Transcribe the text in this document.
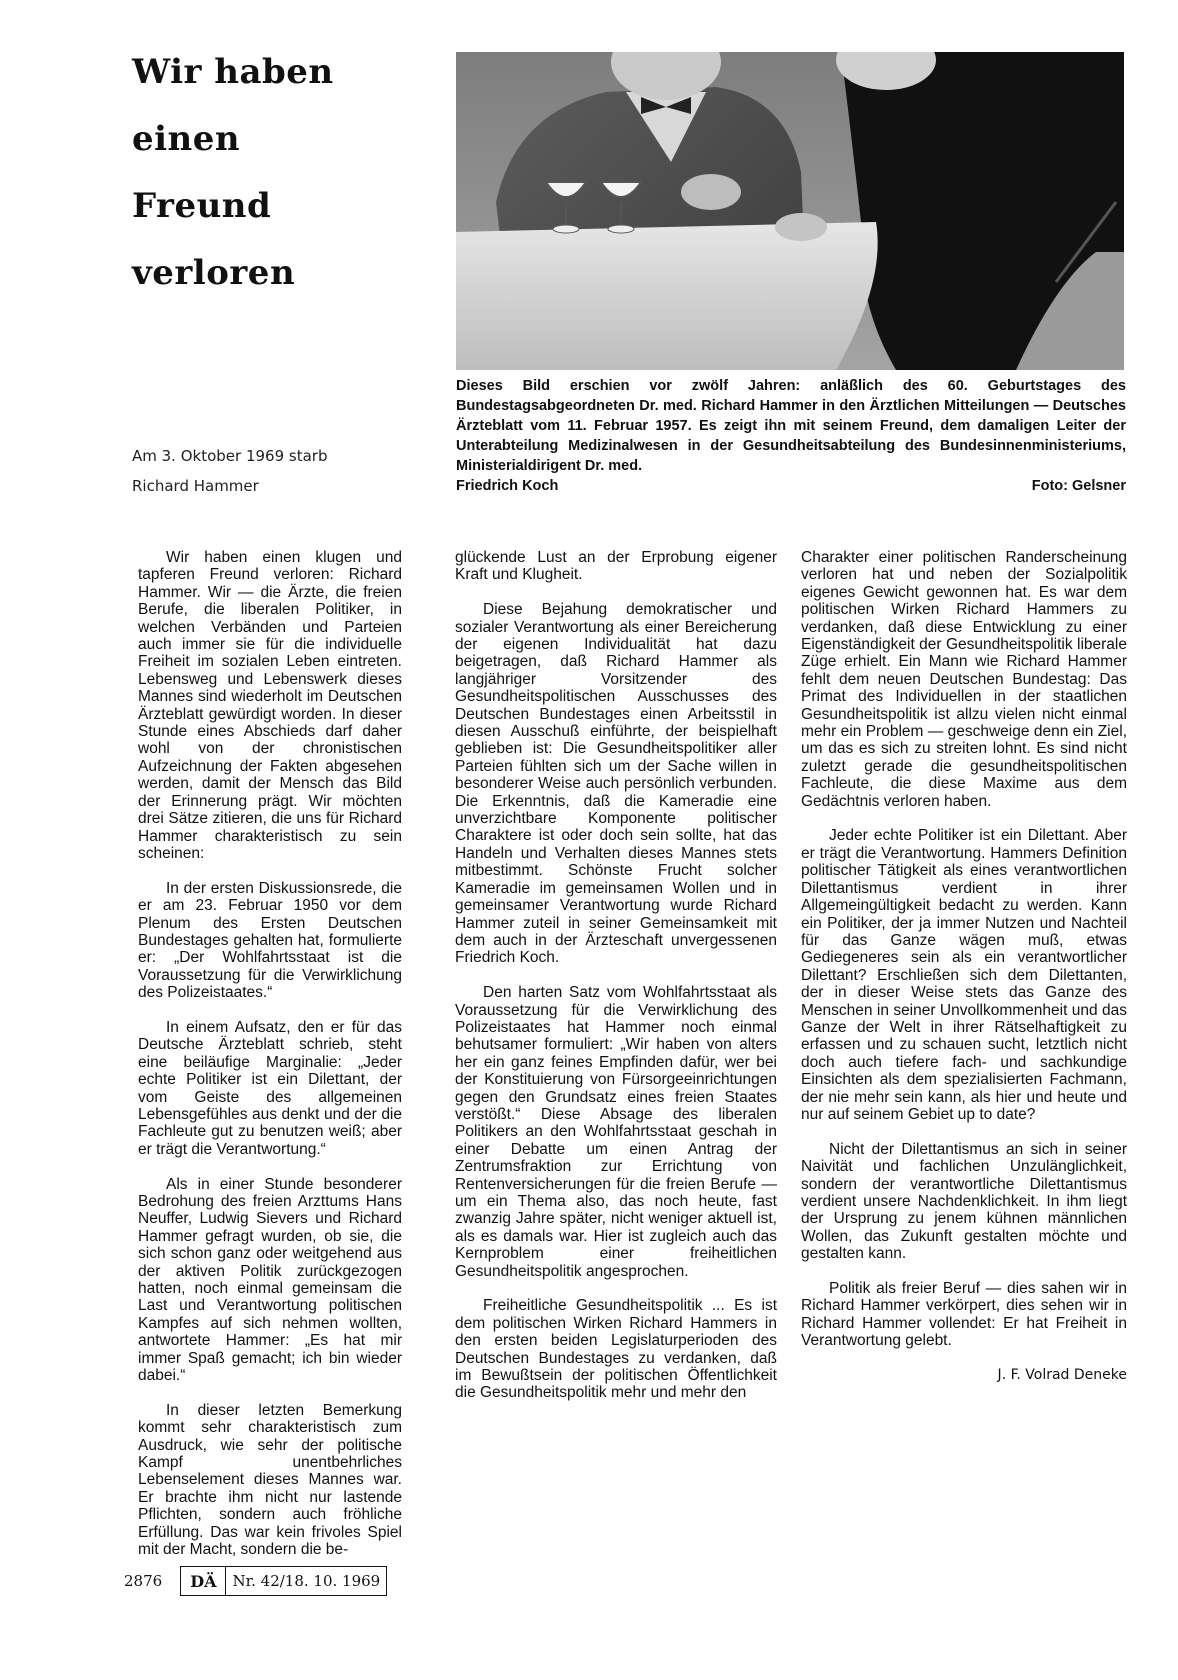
Wir haben
einen
Freund
verloren
Dieses Bild erschien vor zwölf Jahren: anläßlich des 60. Geburtstages des Bundestagsabgeordneten Dr. med. Richard Hammer in den Ärztlichen Mitteilungen — Deutsches Ärzteblatt vom 11. Februar 1957. Es zeigt ihn mit seinem Freund, dem damaligen Leiter der Unterabteilung Medizinalwesen in der Gesundheitsabteilung des Bundesinnenministeriums, Ministerialdirigent Dr. med.
Friedrich Koch	Foto: Gelsner
Am 3. Oktober 1969 starb
Richard Hammer

Wir haben einen klugen und tapferen Freund verloren: Richard Hammer. Wir — die Ärzte, die freien Berufe, die liberalen Politiker, in welchen Verbänden und Parteien auch immer sie für die individuelle Freiheit im sozialen Leben eintreten. Lebensweg und Lebenswerk dieses Mannes sind wiederholt im Deutschen Ärzteblatt gewürdigt worden. In dieser Stunde eines Abschieds darf daher wohl von der chronistischen Aufzeichnung der Fakten abgesehen werden, damit der Mensch das Bild der Erinnerung prägt. Wir möchten drei Sätze zitieren, die uns für Richard Hammer charakteristisch zu sein scheinen:

In der ersten Diskussionsrede, die er am 23. Februar 1950 vor dem Plenum des Ersten Deutschen Bundestages gehalten hat, formulierte er: „Der Wohlfahrtsstaat ist die Voraussetzung für die Verwirklichung des Polizeistaates.“

In einem Aufsatz, den er für das Deutsche Ärzteblatt schrieb, steht eine beiläufige Marginalie: „Jeder echte Politiker ist ein Dilettant, der vom Geiste des allgemeinen Lebensgefühles aus denkt und der die Fachleute gut zu benutzen weiß; aber er trägt die Verantwortung.“

Als in einer Stunde besonderer Bedrohung des freien Arzttums Hans Neuffer, Ludwig Sievers und Richard Hammer gefragt wurden, ob sie, die sich schon ganz oder weitgehend aus der aktiven Politik zurückgezogen hatten, noch einmal gemeinsam die Last und Verantwortung politischen Kampfes auf sich nehmen wollten, antwortete Hammer: „Es hat mir immer Spaß gemacht; ich bin wieder dabei.“

In dieser letzten Bemerkung kommt sehr charakteristisch zum Ausdruck, wie sehr der politische Kampf unentbehrliches Lebenselement dieses Mannes war. Er brachte ihm nicht nur lastende Pflichten, sondern auch fröhliche Erfüllung. Das war kein frivoles Spiel mit der Macht, sondern die be-

glückende Lust an der Erprobung eigener Kraft und Klugheit.

Diese Bejahung demokratischer und sozialer Verantwortung als einer Bereicherung der eigenen Individualität hat dazu beigetragen, daß Richard Hammer als langjähriger Vorsitzender des Gesundheitspolitischen Ausschusses des Deutschen Bundestages einen Arbeitsstil in diesen Ausschuß einführte, der beispielhaft geblieben ist: Die Gesundheitspolitiker aller Parteien fühlten sich um der Sache willen in besonderer Weise auch persönlich verbunden. Die Erkenntnis, daß die Kameradie eine unverzichtbare Komponente politischer Charaktere ist oder doch sein sollte, hat das Handeln und Verhalten dieses Mannes stets mitbestimmt. Schönste Frucht solcher Kameradie im gemeinsamen Wollen und in gemeinsamer Verantwortung wurde Richard Hammer zuteil in seiner Gemeinsamkeit mit dem auch in der Ärzteschaft unvergessenen Friedrich Koch.

Den harten Satz vom Wohlfahrtsstaat als Voraussetzung für die Verwirklichung des Polizeistaates hat Hammer noch einmal behutsamer formuliert: „Wir haben von alters her ein ganz feines Empfinden dafür, wer bei der Konstituierung von Fürsorgeeinrichtungen gegen den Grundsatz eines freien Staates verstößt.“ Diese Absage des liberalen Politikers an den Wohlfahrtsstaat geschah in einer Debatte um einen Antrag der Zentrumsfraktion zur Errichtung von Rentenversicherungen für die freien Berufe — um ein Thema also, das noch heute, fast zwanzig Jahre später, nicht weniger aktuell ist, als es damals war. Hier ist zugleich auch das Kernproblem einer freiheitlichen Gesundheitspolitik angesprochen.

Freiheitliche Gesundheitspolitik ... Es ist dem politischen Wirken Richard Hammers in den ersten beiden Legislaturperioden des Deutschen Bundestages zu verdanken, daß im Bewußtsein der politischen Öffentlichkeit die Gesundheitspolitik mehr und mehr den

Charakter einer politischen Randerscheinung verloren hat und neben der Sozialpolitik eigenes Gewicht gewonnen hat. Es war dem politischen Wirken Richard Hammers zu verdanken, daß diese Entwicklung zu einer Eigenständigkeit der Gesundheitspolitik liberale Züge erhielt. Ein Mann wie Richard Hammer fehlt dem neuen Deutschen Bundestag: Das Primat des Individuellen in der staatlichen Gesundheitspolitik ist allzu vielen nicht einmal mehr ein Problem — geschweige denn ein Ziel, um das es sich zu streiten lohnt. Es sind nicht zuletzt gerade die gesundheitspolitischen Fachleute, die diese Maxime aus dem Gedächtnis verloren haben.

Jeder echte Politiker ist ein Dilettant. Aber er trägt die Verantwortung. Hammers Definition politischer Tätigkeit als eines verantwortlichen Dilettantismus verdient in ihrer Allgemeingültigkeit bedacht zu werden. Kann ein Politiker, der ja immer Nutzen und Nachteil für das Ganze wägen muß, etwas Gediegeneres sein als ein verantwortlicher Dilettant? Erschließen sich dem Dilettanten, der in dieser Weise stets das Ganze des Menschen in seiner Unvollkommenheit und das Ganze der Welt in ihrer Rätselhaftigkeit zu erfassen und zu schauen sucht, letztlich nicht doch auch tiefere fach- und sachkundige Einsichten als dem spezialisierten Fachmann, der nie mehr sein kann, als hier und heute und nur auf seinem Gebiet up to date?

Nicht der Dilettantismus an sich in seiner Naivität und fachlichen Unzulänglichkeit, sondern der verantwortliche Dilettantismus verdient unsere Nachdenklichkeit. In ihm liegt der Ursprung zu jenem kühnen männlichen Wollen, das Zukunft gestalten möchte und gestalten kann.

Politik als freier Beruf — dies sahen wir in Richard Hammer verkörpert, dies sehen wir in Richard Hammer vollendet: Er hat Freiheit in Verantwortung gelebt.

J. F. Volrad Deneke

2876	DÄ	Nr. 42/18. 10. 1969
